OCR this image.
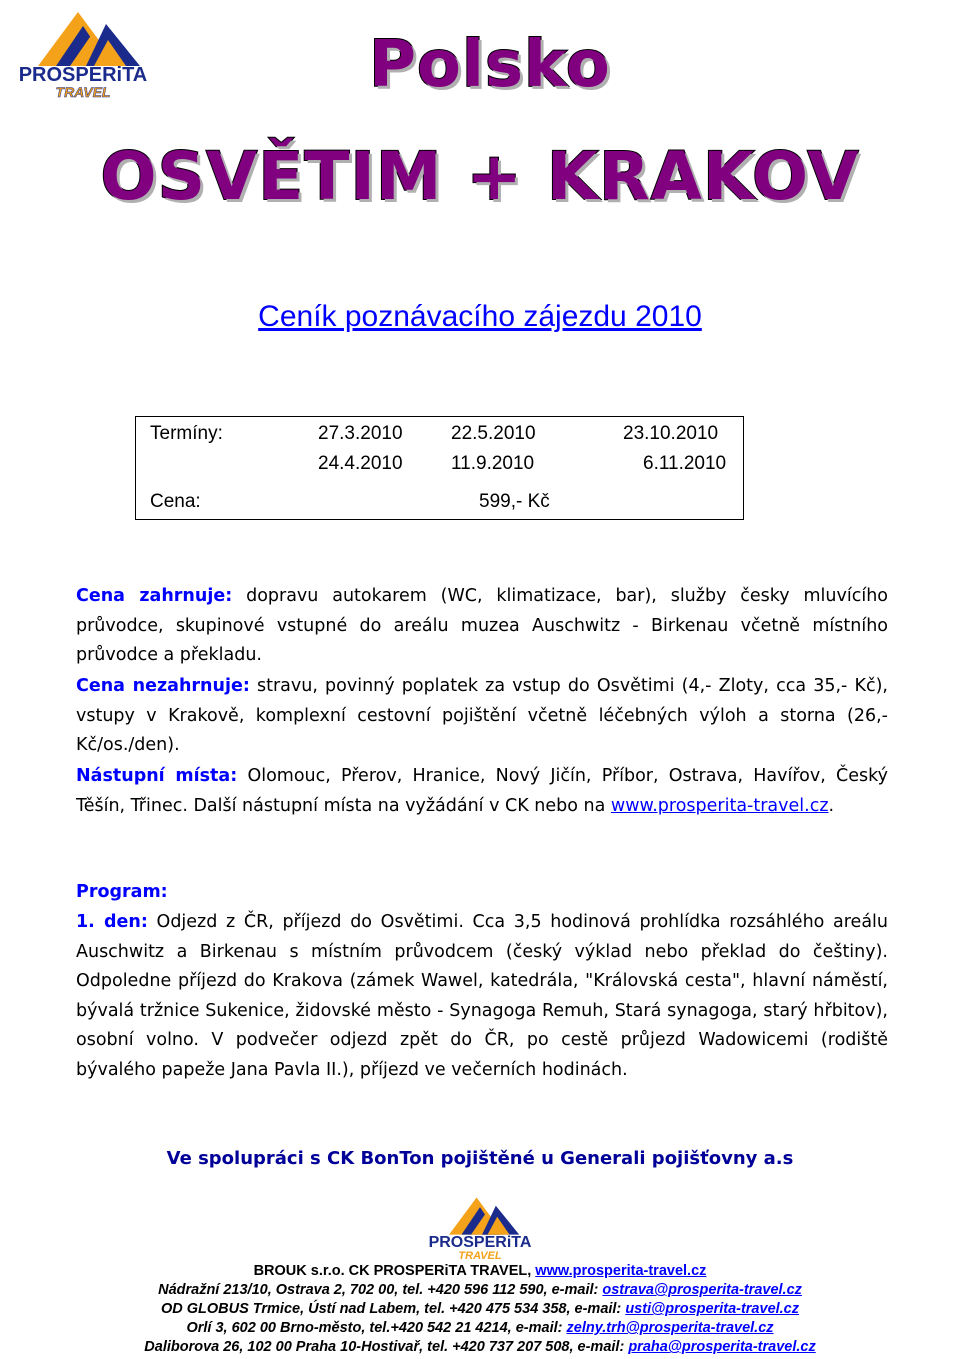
PROSPERiTA
TRAVEL	Polsko
OSVĚTIM + KRAKOV
Ceník poznávacího zájezdu 2010
Termíny:	27.3.2010	22.5.2010	23.10.2010
24.4.2010	11.9.2010	6.11.2010
Cena:	599,- Kč
Cena zahrnuje: dopravu autokarem (WC, klimatizace, bar), služby česky mluvícího průvodce, skupinové vstupné do areálu muzea Auschwitz - Birkenau včetně místního průvodce a překladu.
Cena nezahrnuje: stravu, povinný poplatek za vstup do Osvětimi (4,- Zloty, cca 35,- Kč), vstupy v Krakově, komplexní cestovní pojištění včetně léčebných výloh a storna (26,- Kč/os./den).
Nástupní místa: Olomouc, Přerov, Hranice, Nový Jičín, Příbor, Ostrava, Havířov, Český Těšín, Třinec. Další nástupní místa na vyžádání v CK nebo na www.prosperita-travel.cz.
Program:
1. den: Odjezd z ČR, příjezd do Osvětimi. Cca 3,5 hodinová prohlídka rozsáhlého areálu Auschwitz a Birkenau s místním průvodcem (český výklad nebo překlad do češtiny). Odpoledne příjezd do Krakova (zámek Wawel, katedrála, "Královská cesta", hlavní náměstí, bývalá tržnice Sukenice, židovské město - Synagoga Remuh, Stará synagoga, starý hřbitov), osobní volno. V podvečer odjezd zpět do ČR, po cestě průjezd Wadowicemi (rodiště bývalého papeže Jana Pavla II.), příjezd ve večerních hodinách.
Ve spolupráci s CK BonTon pojištěné u Generali pojišťovny a.s
PROSPERiTA
TRAVEL
BROUK s.r.o. CK PROSPERiTA TRAVEL, www.prosperita-travel.cz
Nádražní 213/10, Ostrava 2, 702 00, tel. +420 596 112 590, e-mail: ostrava@prosperita-travel.cz
OD GLOBUS Trmice, Ústí nad Labem, tel. +420 475 534 358, e-mail: usti@prosperita-travel.cz
Orlí 3, 602 00 Brno-město, tel.+420 542 21 4214, e-mail: zelny.trh@prosperita-travel.cz
Daliborova 26, 102 00 Praha 10-Hostivař, tel. +420 737 207 508, e-mail: praha@prosperita-travel.cz
